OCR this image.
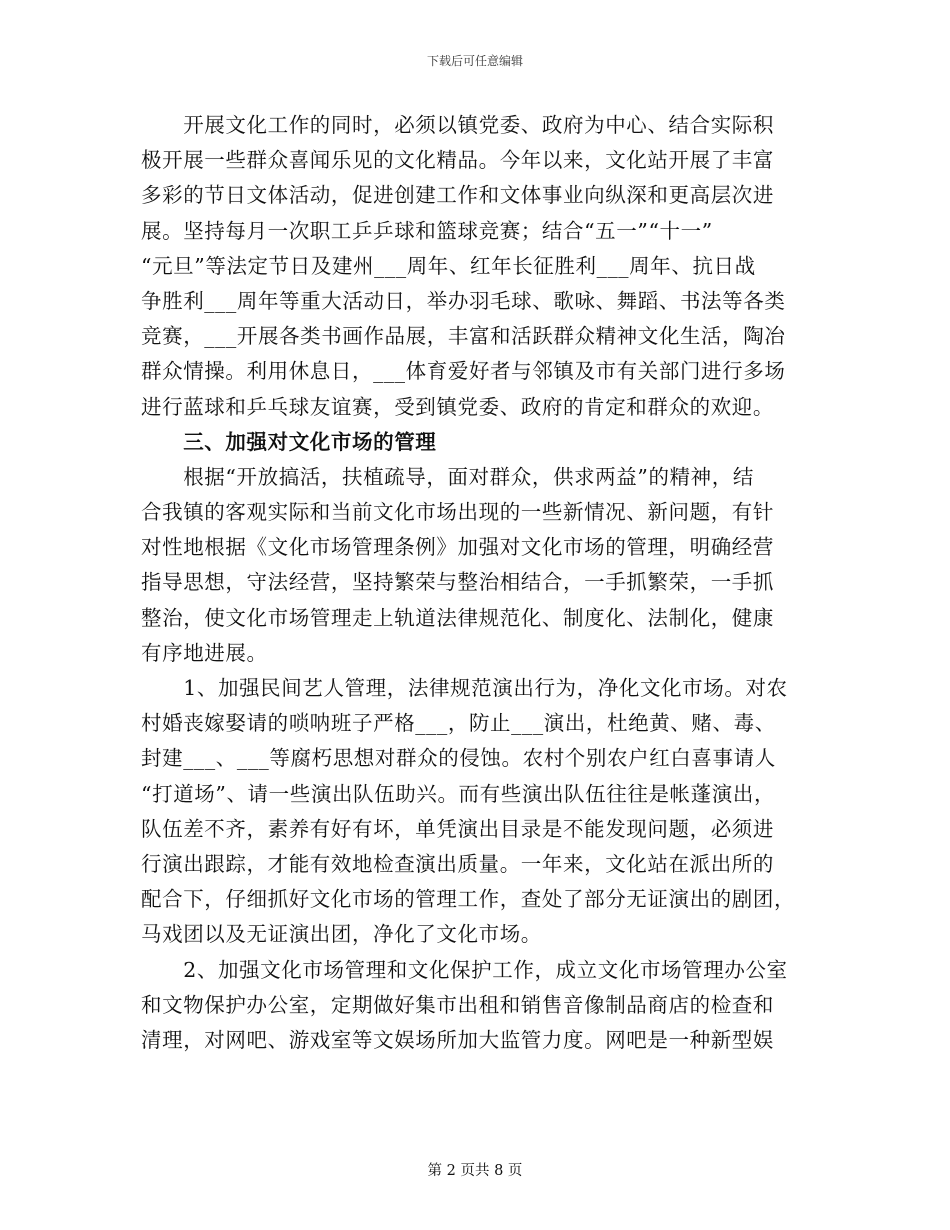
下载后可任意编辑
　　开展文化工作的同时，必须以镇党委、政府为中心、结合实际积
极开展一些群众喜闻乐见的文化精品。今年以来，文化站开展了丰富
多彩的节日文体活动，促进创建工作和文体事业向纵深和更高层次进
展。坚持每月一次职工乒乒球和篮球竞赛；结合“五一”“十一”
“元旦”等法定节日及建州___周年、红年长征胜利___周年、抗日战
争胜利___周年等重大活动日，举办羽毛球、歌咏、舞蹈、书法等各类
竞赛，___开展各类书画作品展，丰富和活跃群众精神文化生活，陶冶
群众情操。利用休息日，___体育爱好者与邻镇及市有关部门进行多场
进行蓝球和乒乓球友谊赛，受到镇党委、政府的肯定和群众的欢迎。
　　三、加强对文化市场的管理
　　根据“开放搞活，扶植疏导，面对群众，供求两益”的精神，结
合我镇的客观实际和当前文化市场出现的一些新情况、新问题，有针
对性地根据《文化市场管理条例》加强对文化市场的管理，明确经营
指导思想，守法经营，坚持繁荣与整治相结合，一手抓繁荣，一手抓
整治，使文化市场管理走上轨道法律规范化、制度化、法制化，健康
有序地进展。
　　1、加强民间艺人管理，法律规范演出行为，净化文化市场。对农
村婚丧嫁娶请的唢呐班子严格___，防止___演出，杜绝黄、赌、毒、
封建___、___等腐朽思想对群众的侵蚀。农村个别农户红白喜事请人
“打道场”、请一些演出队伍助兴。而有些演出队伍往往是帐蓬演出，
队伍差不齐，素养有好有坏，单凭演出目录是不能发现问题，必须进
行演出跟踪，才能有效地检查演出质量。一年来，文化站在派出所的
配合下，仔细抓好文化市场的管理工作，查处了部分无证演出的剧团，
马戏团以及无证演出团，净化了文化市场。
　　2、加强文化市场管理和文化保护工作，成立文化市场管理办公室
和文物保护办公室，定期做好集市出租和销售音像制品商店的检查和
清理，对网吧、游戏室等文娱场所加大监管力度。网吧是一种新型娱
第 2 页共 8 页
